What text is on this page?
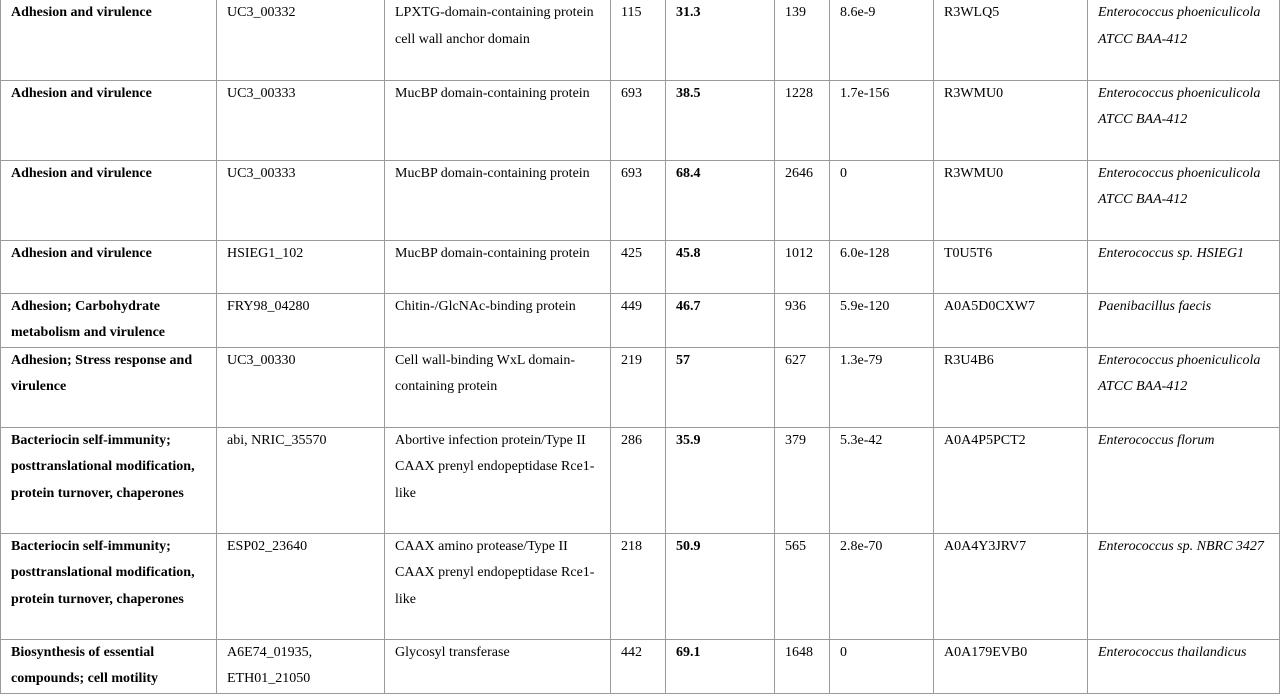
Adhesion and virulence	UC3_00332	LPXTG-domain-containing protein cell wall anchor domain	115	31.3	139	8.6e-9	R3WLQ5	Enterococcus phoeniculicola ATCC BAA-412
Adhesion and virulence	UC3_00333	MucBP domain-containing protein	693	38.5	1228	1.7e-156	R3WMU0	Enterococcus phoeniculicola ATCC BAA-412
Adhesion and virulence	UC3_00333	MucBP domain-containing protein	693	68.4	2646	0	R3WMU0	Enterococcus phoeniculicola ATCC BAA-412
Adhesion and virulence	HSIEG1_102	MucBP domain-containing protein	425	45.8	1012	6.0e-128	T0U5T6	Enterococcus sp. HSIEG1
Adhesion; Carbohydrate metabolism and virulence	FRY98_04280	Chitin-/GlcNAc-binding protein	449	46.7	936	5.9e-120	A0A5D0CXW7	Paenibacillus faecis
Adhesion; Stress response and virulence	UC3_00330	Cell wall-binding WxL domain-containing protein	219	57	627	1.3e-79	R3U4B6	Enterococcus phoeniculicola ATCC BAA-412
Bacteriocin self-immunity; posttranslational modification, protein turnover, chaperones	abi, NRIC_35570	Abortive infection protein/Type II CAAX prenyl endopeptidase Rce1-like	286	35.9	379	5.3e-42	A0A4P5PCT2	Enterococcus florum
Bacteriocin self-immunity; posttranslational modification, protein turnover, chaperones	ESP02_23640	CAAX amino protease/Type II CAAX prenyl endopeptidase Rce1-like	218	50.9	565	2.8e-70	A0A4Y3JRV7	Enterococcus sp. NBRC 3427
Biosynthesis of essential compounds; cell motility	A6E74_01935, ETH01_21050	Glycosyl transferase	442	69.1	1648	0	A0A179EVB0	Enterococcus thailandicus
